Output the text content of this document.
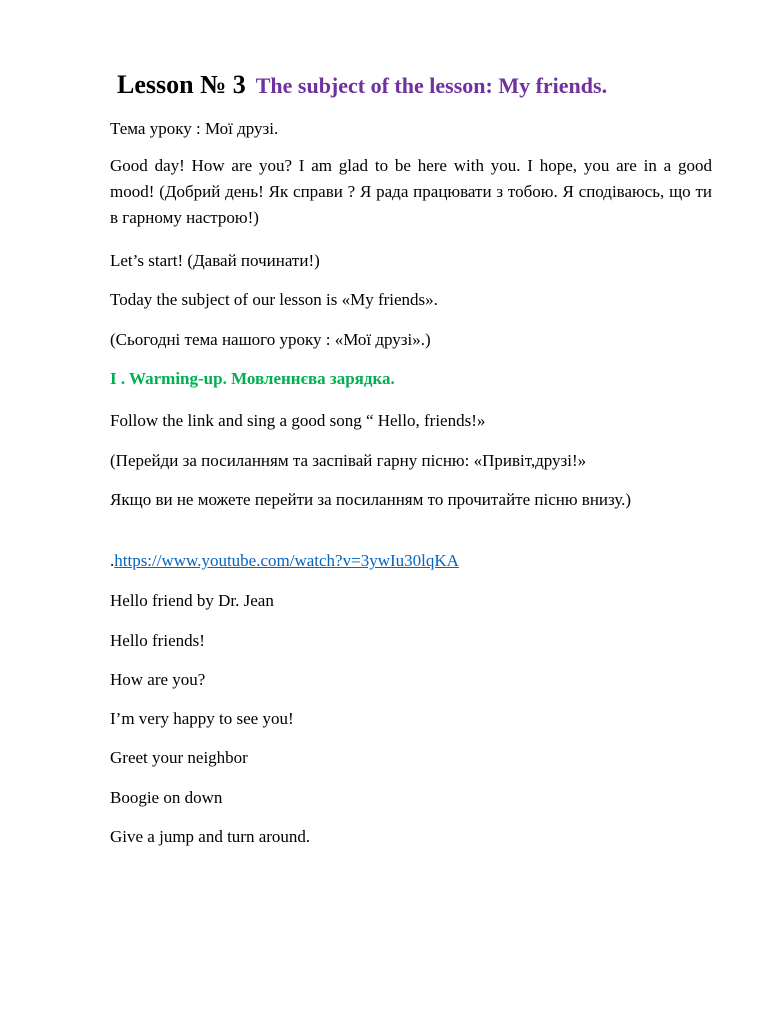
Lesson № 3 The subject of the lesson: My friends.

Тема уроку : Мої друзі.

Good day! How are you? I am glad to be here with you. I hope, you are in a good mood! (Добрий день! Як справи ? Я рада працювати з тобою. Я сподіваюсь, що ти в гарному настрою!)

Let’s start! (Давай починати!)

Today the subject of our lesson is «My friends».

(Сьогодні тема нашого уроку : «Мої друзі».)

I . Warming-up. Мовленнєва зарядка.

Follow the link and sing a good song “ Hello, friends!»

(Перейди за посиланням та заспівай гарну пісню: «Привіт,друзі!»

Якщо ви не можете перейти за посиланням то прочитайте пісню внизу.)

.https://www.youtube.com/watch?v=3ywIu30lqKA

Hello friend by Dr. Jean

Hello friends!

How are you?

I’m very happy to see you!

Greet your neighbor

Boogie on down

Give a jump and turn around.
